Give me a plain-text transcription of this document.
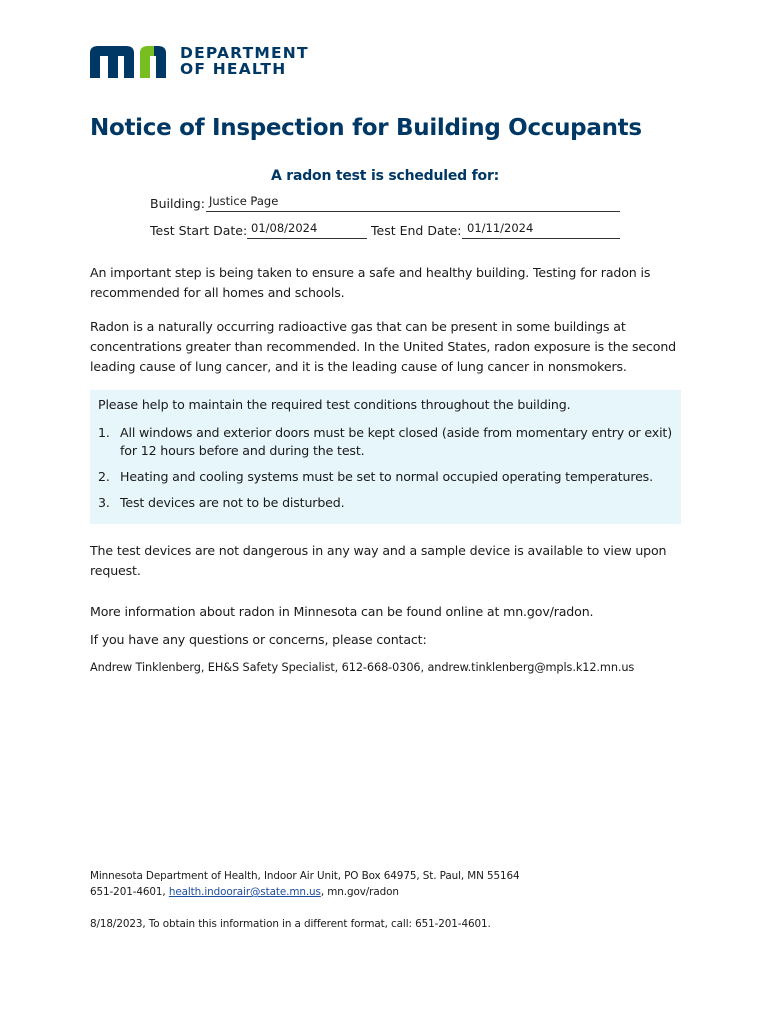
DEPARTMENT
OF HEALTH
Notice of Inspection for Building Occupants
A radon test is scheduled for:
Building: Justice Page
Test Start Date: 01/08/2024	Test End Date: 01/11/2024
An important step is being taken to ensure a safe and healthy building. Testing for radon is recommended for all homes and schools.
Radon is a naturally occurring radioactive gas that can be present in some buildings at concentrations greater than recommended. In the United States, radon exposure is the second leading cause of lung cancer, and it is the leading cause of lung cancer in nonsmokers.
Please help to maintain the required test conditions throughout the building.
1. All windows and exterior doors must be kept closed (aside from momentary entry or exit) for 12 hours before and during the test.
2. Heating and cooling systems must be set to normal occupied operating temperatures.
3. Test devices are not to be disturbed.
The test devices are not dangerous in any way and a sample device is available to view upon request.
More information about radon in Minnesota can be found online at mn.gov/radon.
If you have any questions or concerns, please contact:
Andrew Tinklenberg, EH&S Safety Specialist, 612-668-0306, andrew.tinklenberg@mpls.k12.mn.us
Minnesota Department of Health, Indoor Air Unit, PO Box 64975, St. Paul, MN 55164
651-201-4601, health.indoorair@state.mn.us, mn.gov/radon
8/18/2023, To obtain this information in a different format, call: 651-201-4601.
